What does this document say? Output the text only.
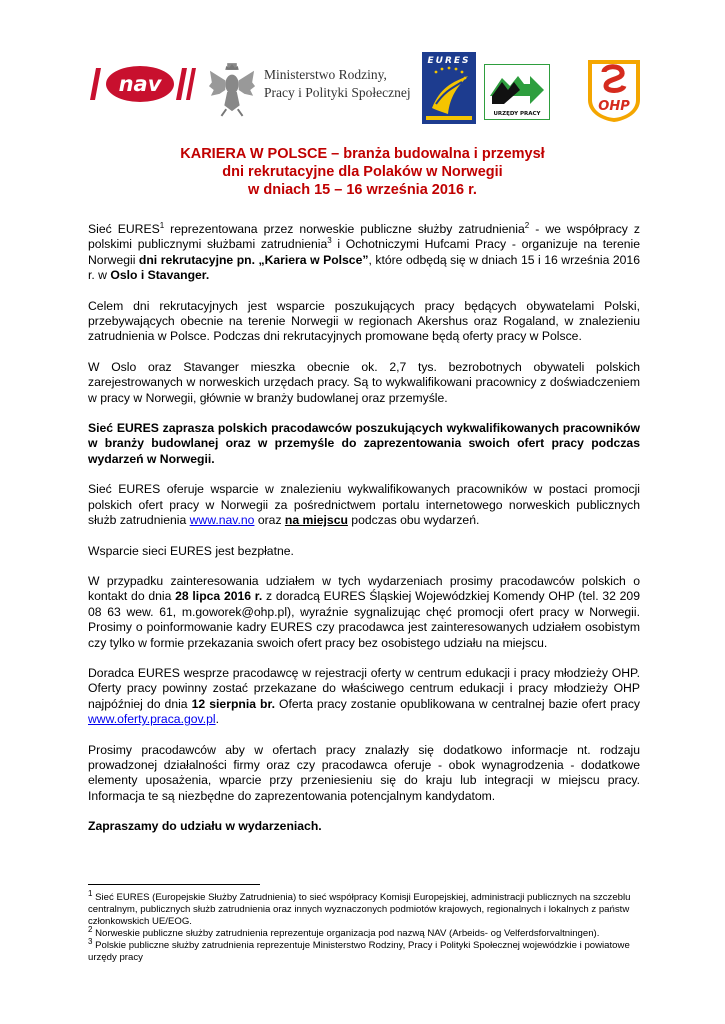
nav	Ministerstwo Rodziny,
Pracy i Polityki Społecznej
EURES
URZĘDY PRACY	OHP
KARIERA W POLSCE – branża budowalna i przemysł
dni rekrutacyjne dla Polaków w Norwegii
w dniach 15 – 16 września 2016 r.

Sieć EURES$^1$ reprezentowana przez norweskie publiczne służby zatrudnienia$^2$ - we współpracy z polskimi publicznymi służbami zatrudnienia$^3$ i Ochotniczymi Hufcami Pracy - organizuje na terenie Norwegii dni rekrutacyjne pn. „Kariera w Polsce”, które odbędą się w dniach 15 i 16 września 2016 r. w Oslo i Stavanger.

Celem dni rekrutacyjnych jest wsparcie poszukujących pracy będących obywatelami Polski, przebywających obecnie na terenie Norwegii w regionach Akershus oraz Rogaland, w znalezieniu zatrudnienia w Polsce. Podczas dni rekrutacyjnych promowane będą oferty pracy w Polsce.

W Oslo oraz Stavanger mieszka obecnie ok. 2,7 tys. bezrobotnych obywateli polskich zarejestrowanych w norweskich urzędach pracy. Są to wykwalifikowani pracownicy z doświadczeniem w pracy w Norwegii, głównie w branży budowlanej oraz przemyśle.

Sieć EURES zaprasza polskich pracodawców poszukujących wykwalifikowanych pracowników w branży budowlanej oraz w przemyśle do zaprezentowania swoich ofert pracy podczas wydarzeń w Norwegii.

Sieć EURES oferuje wsparcie w znalezieniu wykwalifikowanych pracowników w postaci promocji polskich ofert pracy w Norwegii za pośrednictwem portalu internetowego norweskich publicznych służb zatrudnienia www.nav.no oraz na miejscu podczas obu wydarzeń.

Wsparcie sieci EURES jest bezpłatne.

W przypadku zainteresowania udziałem w tych wydarzeniach prosimy pracodawców polskich o kontakt do dnia 28 lipca 2016 r. z doradcą EURES Śląskiej Wojewódzkiej Komendy OHP (tel. 32 209 08 63 wew. 61, m.goworek@ohp.pl), wyraźnie sygnalizując chęć promocji ofert pracy w Norwegii. Prosimy o poinformowanie kadry EURES czy pracodawca jest zainteresowanych udziałem osobistym czy tylko w formie przekazania swoich ofert pracy bez osobistego udziału na miejscu.

Doradca EURES wesprze pracodawcę w rejestracji oferty w centrum edukacji i pracy młodzieży OHP. Oferty pracy powinny zostać przekazane do właściwego centrum edukacji i pracy młodzieży OHP najpóźniej do dnia 12 sierpnia br. Oferta pracy zostanie opublikowana w centralnej bazie ofert pracy www.oferty.praca.gov.pl.

Prosimy pracodawców aby w ofertach pracy znalazły się dodatkowo informacje nt. rodzaju prowadzonej działalności firmy oraz czy pracodawca oferuje - obok wynagrodzenia - dodatkowe elementy uposażenia, wparcie przy przeniesieniu się do kraju lub integracji w miejscu pracy. Informacja te są niezbędne do zaprezentowania potencjalnym kandydatom.

Zapraszamy do udziału w wydarzeniach.

$^1$ Sieć EURES (Europejskie Służby Zatrudnienia) to sieć współpracy Komisji Europejskiej, administracji publicznych na szczeblu centralnym, publicznych służb zatrudnienia oraz innych wyznaczonych podmiotów krajowych, regionalnych i lokalnych z państw członkowskich UE/EOG.

$^2$ Norweskie publiczne służby zatrudnienia reprezentuje organizacja pod nazwą NAV (Arbeids- og Velferdsforvaltningen).

$^3$ Polskie publiczne służby zatrudnienia reprezentuje Ministerstwo Rodziny, Pracy i Polityki Społecznej wojewódzkie i powiatowe urzędy pracy
